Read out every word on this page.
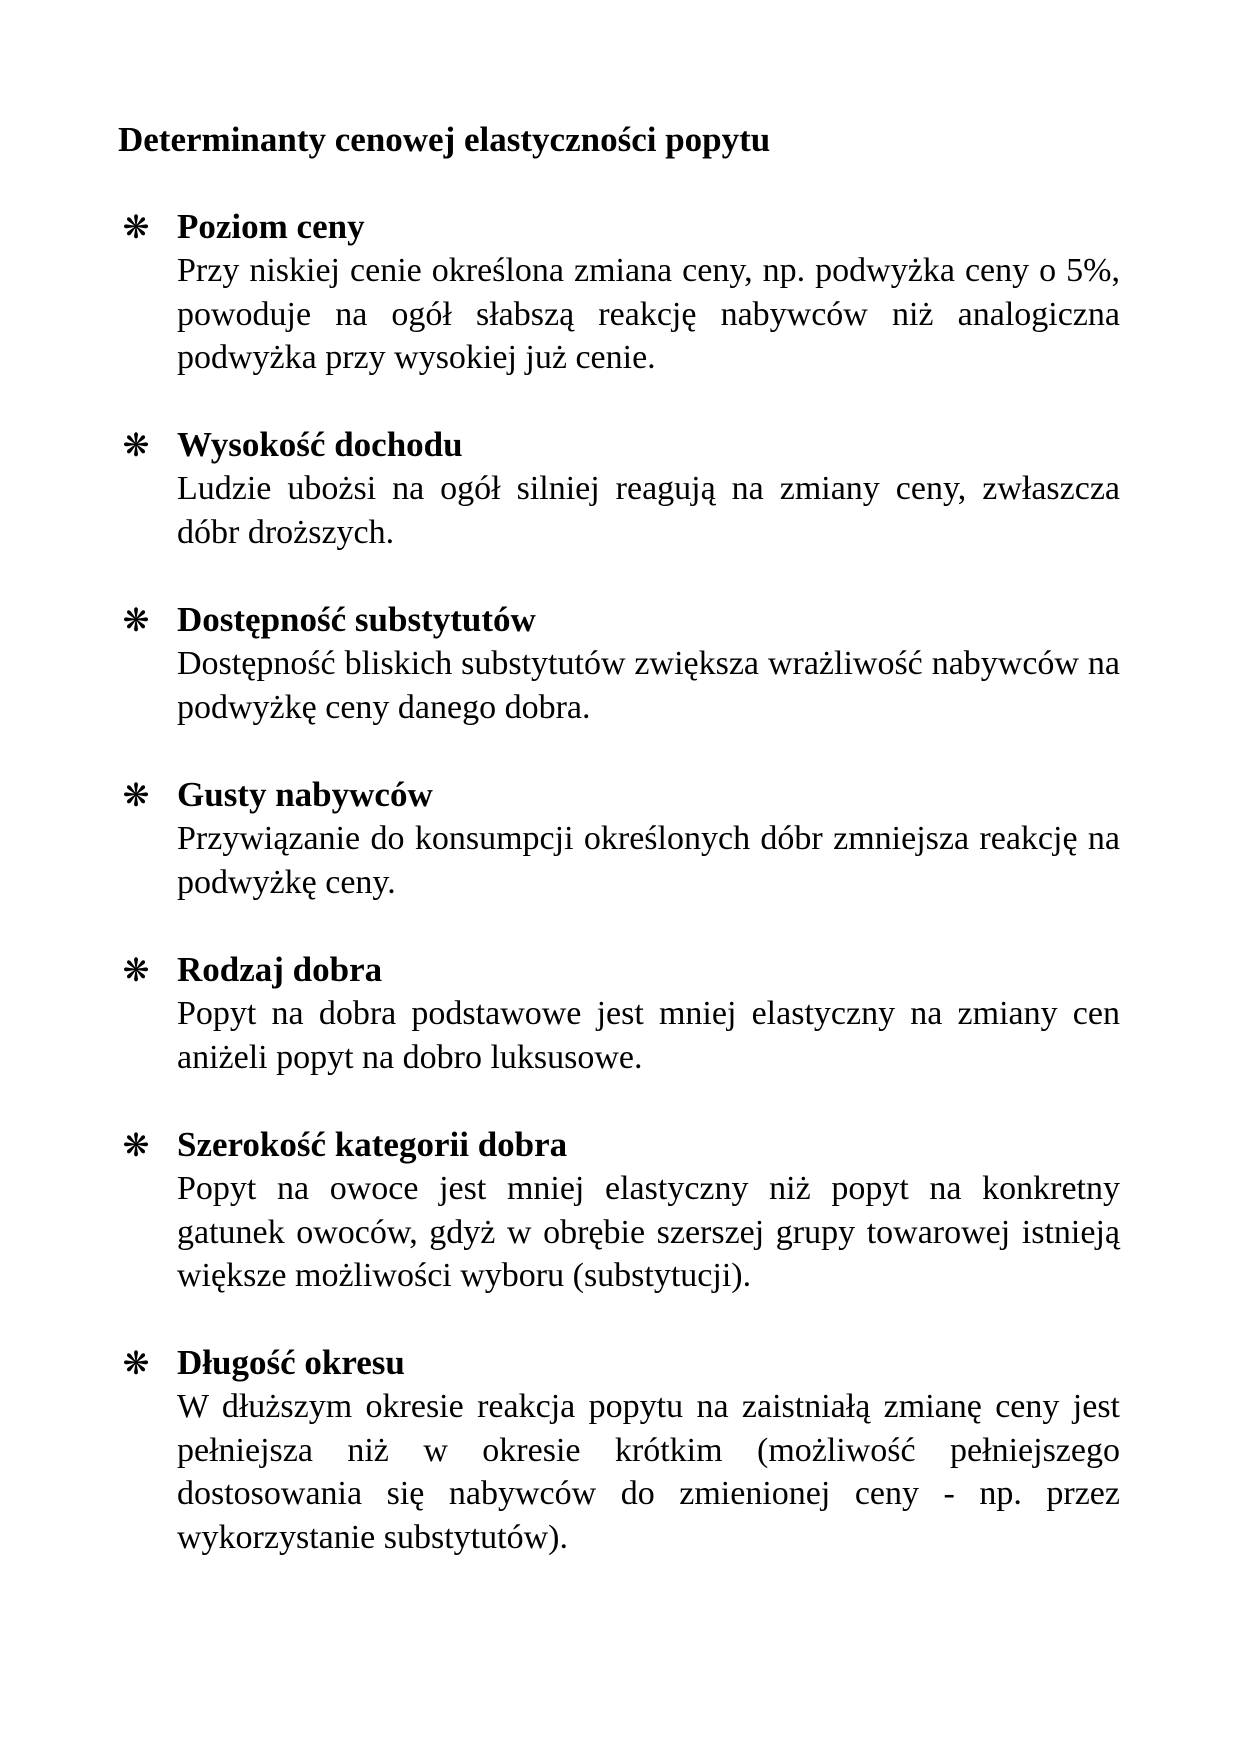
Determinanty cenowej elastyczności popytu
❋ Poziom ceny

Przy niskiej cenie określona zmiana ceny, np. podwyżka ceny o 5%, powoduje na ogół słabszą reakcję nabywców niż analogiczna podwyżka przy wysokiej już cenie.

❋ Wysokość dochodu

Ludzie ubożsi na ogół silniej reagują na zmiany ceny, zwłaszcza dóbr droższych.

❋ Dostępność substytutów

Dostępność bliskich substytutów zwiększa wrażliwość nabywców na podwyżkę ceny danego dobra.

❋ Gusty nabywców

Przywiązanie do konsumpcji określonych dóbr zmniejsza reakcję na podwyżkę ceny.

❋ Rodzaj dobra

Popyt na dobra podstawowe jest mniej elastyczny na zmiany cen aniżeli popyt na dobro luksusowe.

❋ Szerokość kategorii dobra

Popyt na owoce jest mniej elastyczny niż popyt na konkretny gatunek owoców, gdyż w obrębie szerszej grupy towarowej istnieją większe możliwości wyboru (substytucji).

❋ Długość okresu

W dłuższym okresie reakcja popytu na zaistniałą zmianę ceny jest pełniejsza niż w okresie krótkim (możliwość pełniejszego dostosowania się nabywców do zmienionej ceny - np. przez wykorzystanie substytutów).
